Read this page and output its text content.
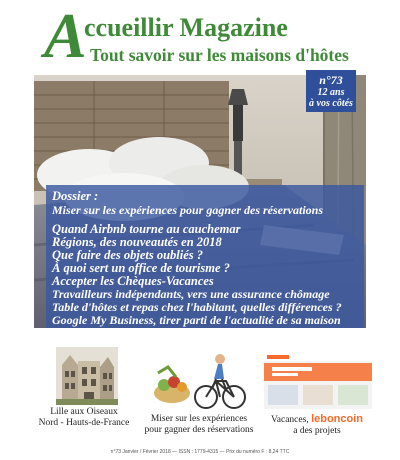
A
ccueillir Magazine
Tout savoir sur les maisons d'hôtes
n°73
12 ans
à vos côtés
Dossier :
Miser sur les expériences pour gagner des réservations
Quand Airbnb tourne au cauchemar
Régions, des nouveautés en 2018
Que faire des objets oubliés ?
À quoi sert un office de tourisme ?
Accepter les Chèques-Vacances
Travailleurs indépendants, vers une assurance chômage
Table d'hôtes et repas chez l'habitant, quelles différences ?
Google My Business, tirer parti de l'actualité de sa maison
Lille aux Oiseaux
Nord - Hauts-de-France	Miser sur les expériences
pour gagner des réservations
Vacances, leboncoin
a des projets
n°73 Janvier / Février 2018 — ISSN : 1779-4315 — Prix du numéro F : 8,24 TTC
